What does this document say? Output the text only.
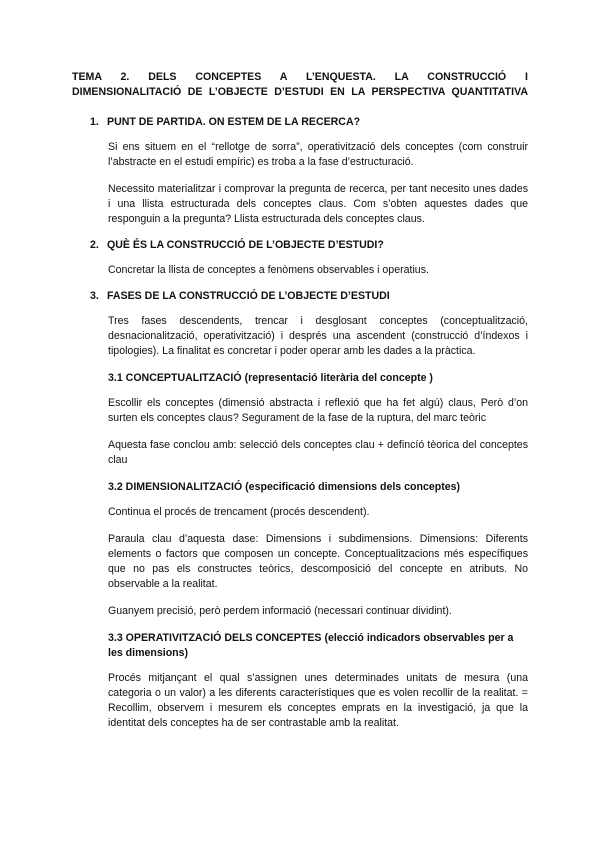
TEMA 2. DELS CONCEPTES A L’ENQUESTA. LA CONSTRUCCIÓ I
DIMENSIONALITACIÓ DE L’OBJECTE D’ESTUDI EN LA PERSPECTIVA QUANTITATIVA
1. PUNT DE PARTIDA. ON ESTEM DE LA RECERCA?

Si ens situem en el “rellotge de sorra”, operativització dels conceptes (com construir l’abstracte en el estudi empíric) es troba a la fase d’estructuració.

Necessito materialitzar i comprovar la pregunta de recerca, per tant necesito unes dades i una llista estructurada dels conceptes claus. Com s’obten aquestes dades que responguin a la pregunta? Llista estructurada dels conceptes claus.

2. QUÈ ÉS LA CONSTRUCCIÓ DE L’OBJECTE D’ESTUDI?

Concretar la llista de conceptes a fenòmens observables i operatius.

3. FASES DE LA CONSTRUCCIÓ DE L’OBJECTE D’ESTUDI

Tres fases descendents, trencar i desglosant conceptes (conceptualització, desnacionalització, operativització) i després una ascendent (construcció d’índexos i tipologies). La finalitat es concretar i poder operar amb les dades a la pràctica.

3.1 CONCEPTUALITZACIÓ (representació literària del concepte )

Escollir els conceptes (dimensió abstracta i reflexió que ha fet algú) claus, Però d’on surten els conceptes claus? Segurament de la fase de la ruptura, del marc teòric

Aquesta fase conclou amb: selecció dels conceptes clau + defincíó tèorica del conceptes clau

3.2 DIMENSIONALITZACIÓ (especificació dimensions dels conceptes)

Continua el procés de trencament (procés descendent).

Paraula clau d’aquesta dase: Dimensions i subdimensions. Dimensions: Diferents elements o factors que composen un concepte. Conceptualitzacions més específiques que no pas els constructes teòrics, descomposició del concepte en atributs. No observable a la realitat.

Guanyem precisió, però perdem informació (necessari continuar dividint).

3.3 OPERATIVITZACIÓ DELS CONCEPTES (elecció indicadors observables per a les dimensions)

Procés mitjançant el qual s’assignen unes determinades unitats de mesura (una categoria o un valor) a les diferents característiques que es volen recollir de la realitat. = Recollim, observem i mesurem els conceptes emprats en la investigació, ja que la identitat dels conceptes ha de ser contrastable amb la realitat.
